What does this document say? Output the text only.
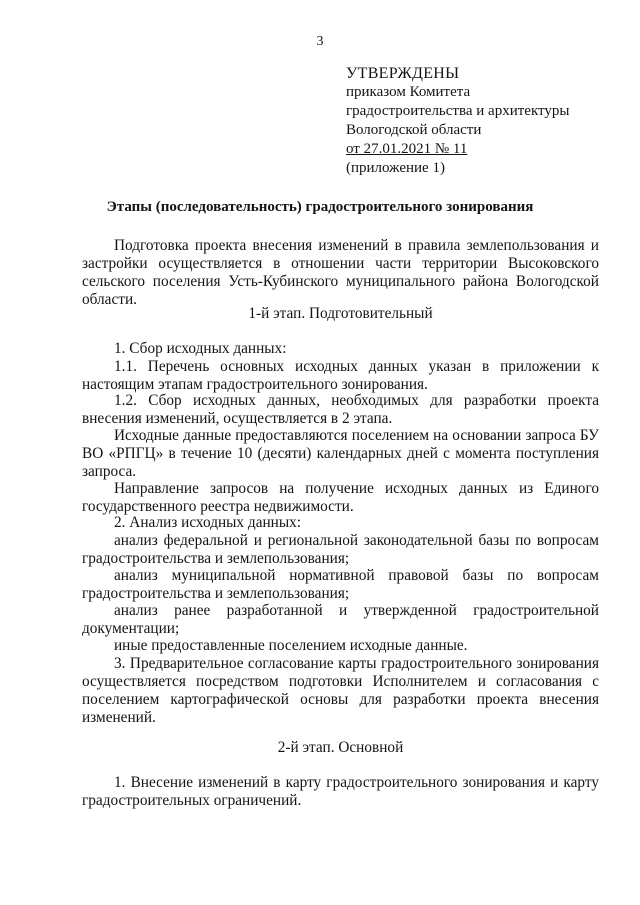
3
УТВЕРЖДЕНЫ
приказом Комитета
градостроительства и архитектуры
Вологодской области
от 27.01.2021 № 11
(приложение 1)
Этапы (последовательность) градостроительного зонирования
Подготовка проекта внесения изменений в правила землепользования и застройки осуществляется в отношении части территории Высоковского сельского поселения Усть-Кубинского муниципального района Вологодской области.
1-й этап. Подготовительный
1. Сбор исходных данных:
1.1. Перечень основных исходных данных указан в приложении к настоящим этапам градостроительного зонирования.
1.2. Сбор исходных данных, необходимых для разработки проекта внесения изменений, осуществляется в 2 этапа.
Исходные данные предоставляются поселением на основании запроса БУ ВО «РПГЦ» в течение 10 (десяти) календарных дней с момента поступления запроса.
Направление запросов на получение исходных данных из Единого государственного реестра недвижимости.
2. Анализ исходных данных:
анализ федеральной и региональной законодательной базы по вопросам градостроительства и землепользования;
анализ муниципальной нормативной правовой базы по вопросам градостроительства и землепользования;
анализ ранее разработанной и утвержденной градостроительной документации;
иные предоставленные поселением исходные данные.
3. Предварительное согласование карты градостроительного зонирования осуществляется посредством подготовки Исполнителем и согласования с поселением картографической основы для разработки проекта внесения изменений.
2-й этап. Основной
1. Внесение изменений в карту градостроительного зонирования и карту градостроительных ограничений.
